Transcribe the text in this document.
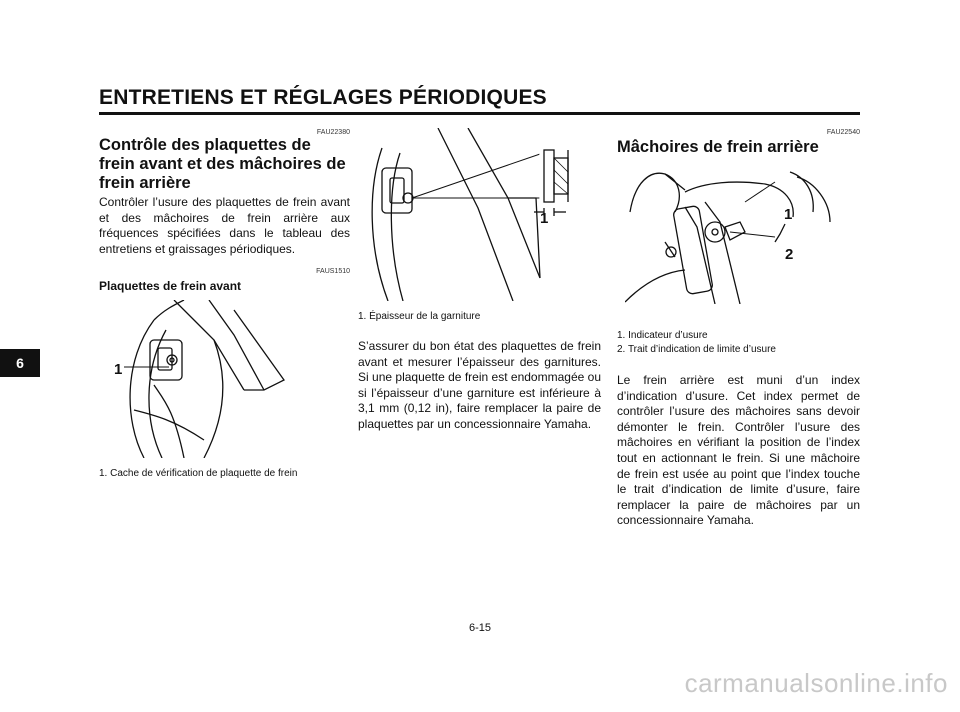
ENTRETIENS ET RÉGLAGES PÉRIODIQUES
6
FAU22380
Contrôle des plaquettes de
frein avant et des mâchoires de
frein arrière
Contrôler l’usure des plaquettes de frein avant et des mâchoires de frein arrière aux fréquences spécifiées dans le tableau des entretiens et graissages périodiques.
FAUS1510
Plaquettes de frein avant
1
1. Cache de vérification de plaquette de frein
1
1. Épaisseur de la garniture
S’assurer du bon état des plaquettes de frein avant et mesurer l’épaisseur des garnitures. Si une plaquette de frein est endommagée ou si l’épaisseur d’une garniture est inférieure à 3,1 mm (0,12 in), faire remplacer la paire de plaquettes par un concessionnaire Yamaha.
FAU22540
Mâchoires de frein arrière
1
2
1. Indicateur d’usure
2. Trait d’indication de limite d’usure
Le frein arrière est muni d’un index d’indication d’usure. Cet index permet de contrôler l’usure des mâchoires sans devoir démonter le frein. Contrôler l’usure des mâchoires en vérifiant la position de l’index tout en actionnant le frein. Si une mâchoire de frein est usée au point que l’index touche le trait d’indication de limite d’usure, faire remplacer la paire de mâchoires par un concessionnaire Yamaha.
6-15
carmanualsonline.info
